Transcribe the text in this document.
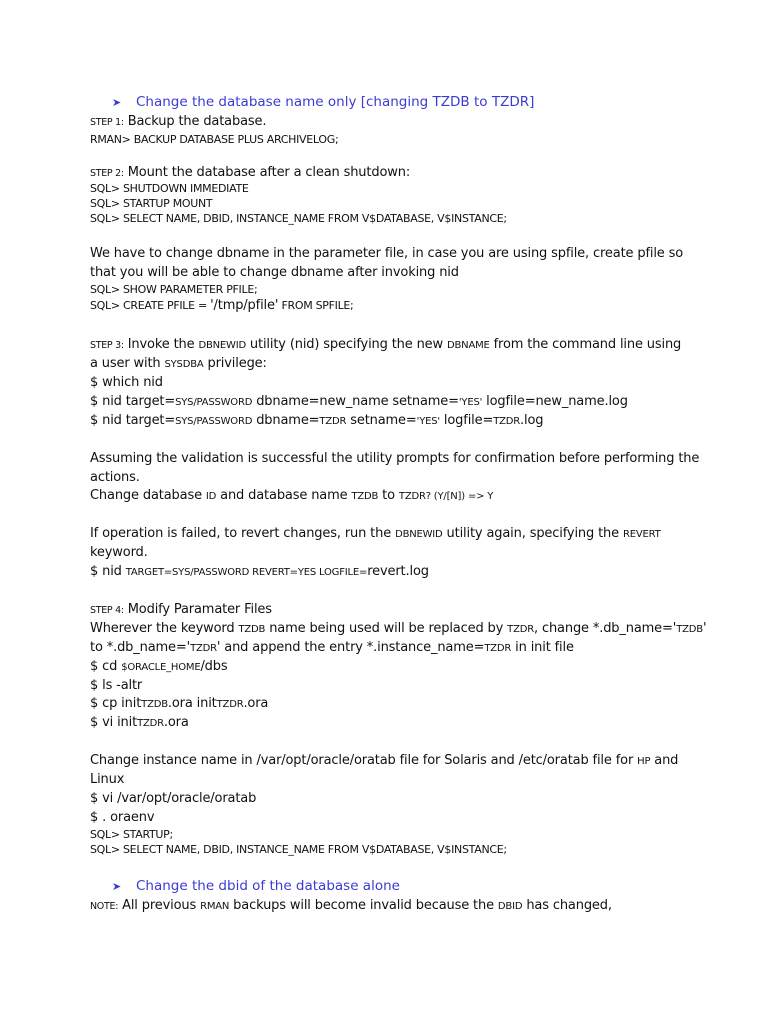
➤ Change the database name only [changing TZDB to TZDR]
STEP 1: Backup the database.
RMAN> BACKUP DATABASE PLUS ARCHIVELOG;
STEP 2: Mount the database after a clean shutdown:
SQL> SHUTDOWN IMMEDIATE
SQL> STARTUP MOUNT
SQL> SELECT NAME, DBID, INSTANCE_NAME FROM V$DATABASE, V$INSTANCE;
We have to change dbname in the parameter file, in case you are using spfile, create pfile so
that you will be able to change dbname after invoking nid
SQL> SHOW PARAMETER PFILE;
SQL> CREATE PFILE = '/tmp/pfile' FROM SPFILE;
STEP 3: Invoke the DBNEWID utility (nid) specifying the new DBNAME from the command line using
a user with SYSDBA privilege:
$ which nid
$ nid target=SYS/PASSWORD dbname=new_name setname='YES' logfile=new_name.log
$ nid target=SYS/PASSWORD dbname=TZDR setname='YES' logfile=TZDR.log
Assuming the validation is successful the utility prompts for confirmation before performing the
actions.
Change database ID and database name TZDB to TZDR? (Y/[N]) => Y
If operation is failed, to revert changes, run the DBNEWID utility again, specifying the REVERT
keyword.
$ nid TARGET=SYS/PASSWORD REVERT=YES LOGFILE=revert.log
STEP 4: Modify Paramater Files
Wherever the keyword TZDB name being used will be replaced by TZDR, change *.db_name='TZDB'
to *.db_name='TZDR' and append the entry *.instance_name=TZDR in init file
$ cd $ORACLE_HOME/dbs
$ ls -altr
$ cp initTZDB.ora initTZDR.ora
$ vi initTZDR.ora
Change instance name in /var/opt/oracle/oratab file for Solaris and /etc/oratab file for HP and
Linux
$ vi /var/opt/oracle/oratab
$ . oraenv
SQL> STARTUP;
SQL> SELECT NAME, DBID, INSTANCE_NAME FROM V$DATABASE, V$INSTANCE;
➤ Change the dbid of the database alone
NOTE: All previous RMAN backups will become invalid because the DBID has changed,
